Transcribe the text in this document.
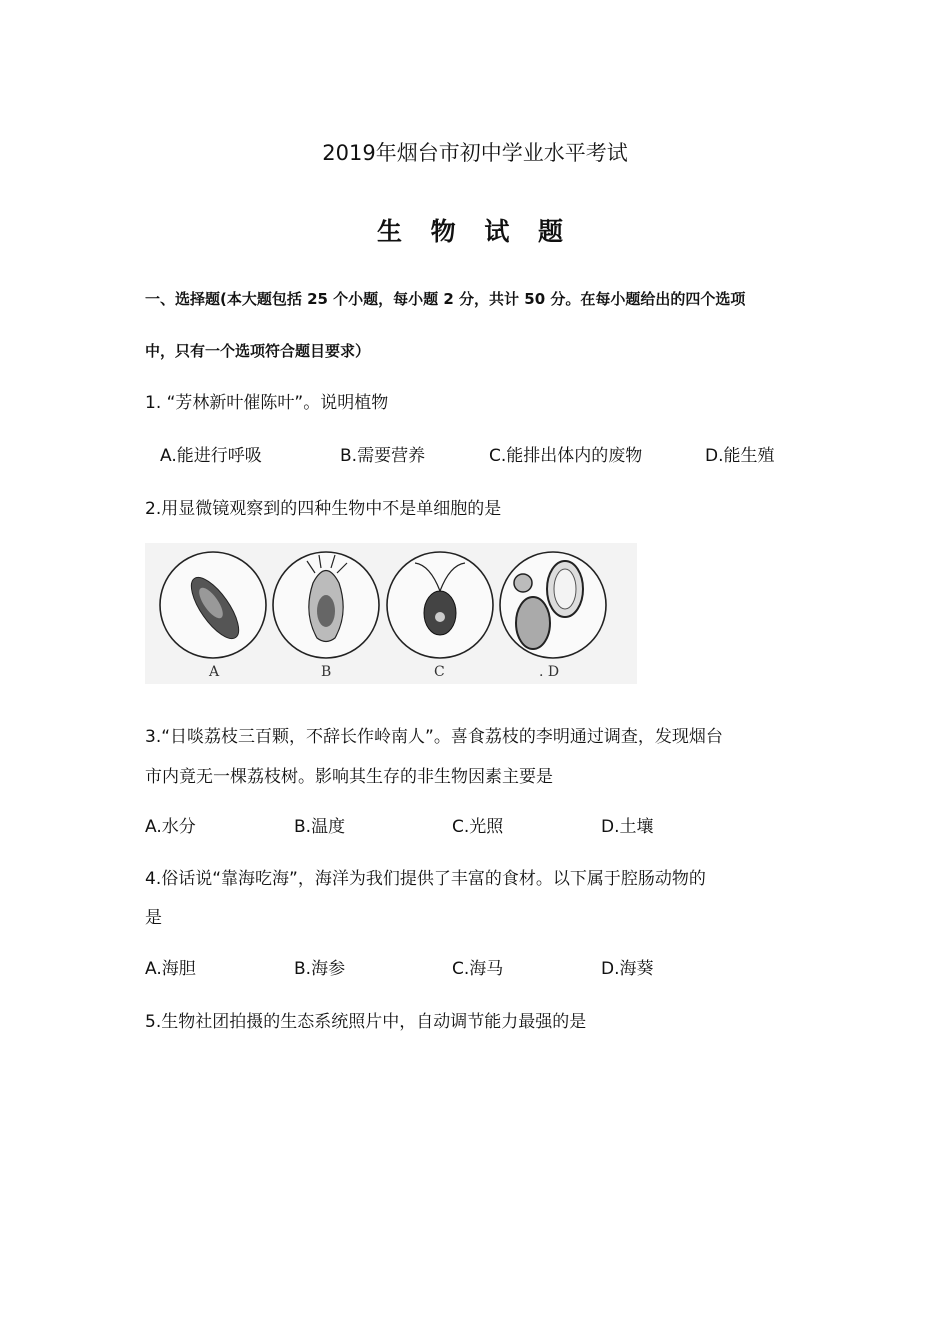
2019年烟台市初中学业水平考试
生 物 试 题
一、选择题(本大题包括 25 个小题，每小题 2 分，共计 50 分。在每小题给出的四个选项
中，只有一个选项符合题目要求）
1. “芳林新叶催陈叶”。说明植物
A.能进行呼吸	B.需要营养	C.能排出体内的废物	D.能生殖
2.用显微镜观察到的四种生物中不是单细胞的是
A	B	C	. D
3.“日啖荔枝三百颗，不辞长作岭南人”。喜食荔枝的李明通过调查，发现烟台
市内竟无一棵荔枝树。影响其生存的非生物因素主要是
A.水分	B.温度	C.光照	D.土壤
4.俗话说“靠海吃海”，海洋为我们提供了丰富的食材。以下属于腔肠动物的
是
A.海胆	B.海参	C.海马	D.海葵
5.生物社团拍摄的生态系统照片中，自动调节能力最强的是
